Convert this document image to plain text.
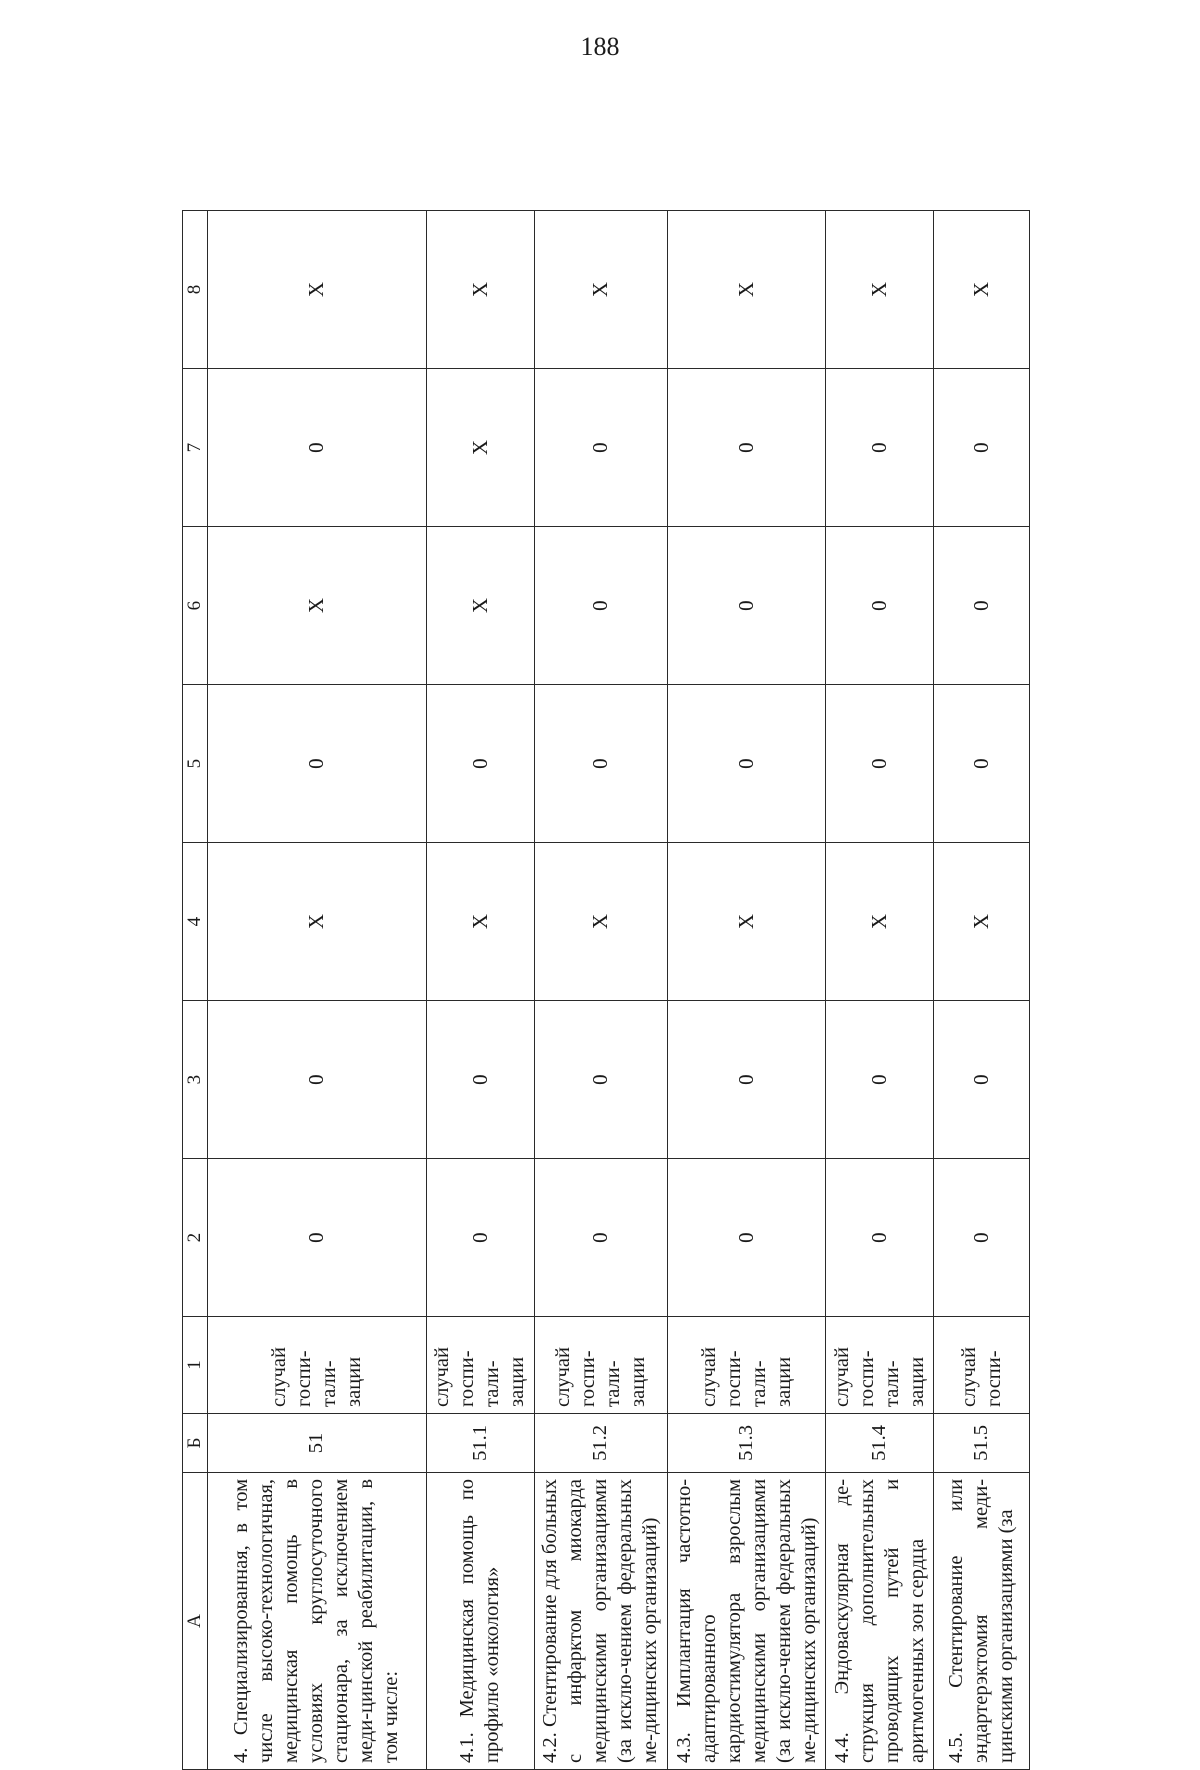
188
A	Б	1	2	3	4	5	6	7	8
4. Специализированная, в том числе высоко-технологичная, медицинская помощь в условиях круглосуточного стационара, за исключением меди-цинской реабилитации, в том числе:	51	случай госпи- тали- зации	0	0	X	0	X	0	X
4.1. Медицинская помощь по профилю «онкология»	51.1	случай госпи- тали- зации	0	0	X	0	X	X	X
4.2. Стентирование для больных с инфарктом миокарда медицинскими организациями (за исклю-чением федеральных ме-дицинских организаций)	51.2	случай госпи- тали- зации	0	0	X	0	0	0	X
4.3. Имплантация частотно-адаптированного кардиостимулятора взрослым медицинскими организациями (за исклю-чением федеральных ме-дицинских организаций)	51.3	случай госпи- тали- зации	0	0	X	0	0	0	X
4.4. Эндоваскулярная де-струкция дополнительных проводящих путей и аритмогенных зон сердца	51.4	случай госпи- тали- зации	0	0	X	0	0	0	X
4.5. Стентирование или эндартерэктомия меди-цинскими организациями (за	51.5	случай госпи-	0	0	X	0	0	0	X
